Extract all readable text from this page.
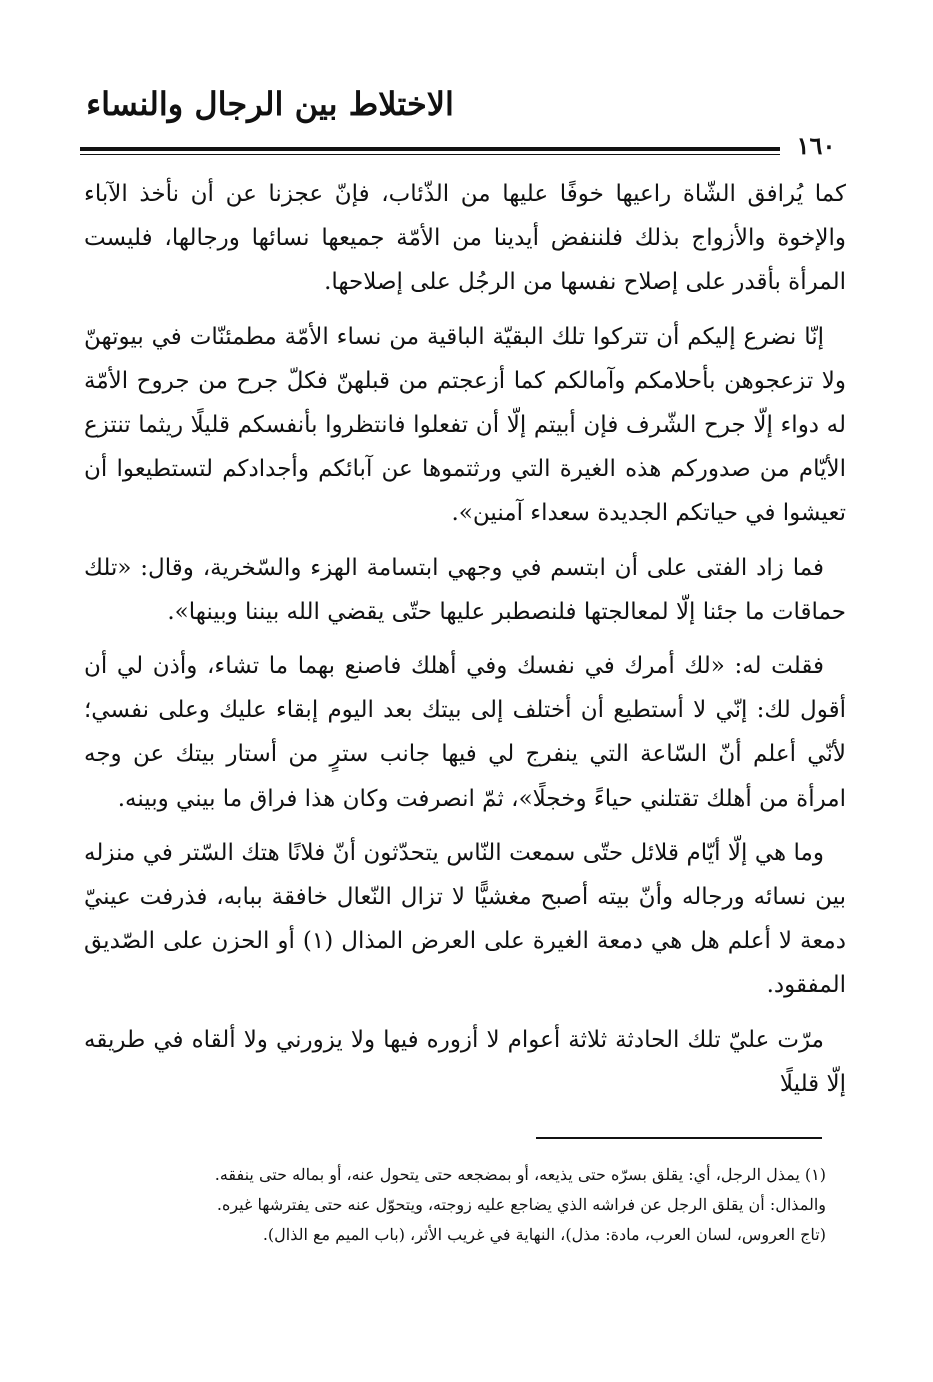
الاختلاط بين الرجال والنساء
١٦٠

كما يُرافق الشّاة راعيها خوفًا عليها من الذّئاب، فإنّ عجزنا عن أن نأخذ الآباء والإخوة والأزواج بذلك فلننفض أيدينا من الأمّة جميعها نسائها ورجالها، فليست المرأة بأقدر على إصلاح نفسها من الرجُل على إصلاحها.

إنّا نضرع إليكم أن تتركوا تلك البقيّة الباقية من نساء الأمّة مطمئنّات في بيوتهنّ ولا تزعجوهن بأحلامكم وآمالكم كما أزعجتم من قبلهنّ فكلّ جرح من جروح الأمّة له دواء إلّا جرح الشّرف فإن أبيتم إلّا أن تفعلوا فانتظروا بأنفسكم قليلًا ريثما تنتزع الأيّام من صدوركم هذه الغيرة التي ورثتموها عن آبائكم وأجدادكم لتستطيعوا أن تعيشوا في حياتكم الجديدة سعداء آمنين».

فما زاد الفتى على أن ابتسم في وجهي ابتسامة الهزء والسّخرية، وقال: «تلك حماقات ما جئنا إلّا لمعالجتها فلنصطبر عليها حتّى يقضي الله بيننا وبينها».

فقلت له: «لك أمرك في نفسك وفي أهلك فاصنع بهما ما تشاء، وأذن لي أن أقول لك: إنّي لا أستطيع أن أختلف إلى بيتك بعد اليوم إبقاء عليك وعلى نفسي؛ لأنّي أعلم أنّ السّاعة التي ينفرج لي فيها جانب سترٍ من أستار بيتك عن وجه امرأة من أهلك تقتلني حياءً وخجلًا»، ثمّ انصرفت وكان هذا فراق ما بيني وبينه.

وما هي إلّا أيّام قلائل حتّى سمعت النّاس يتحدّثون أنّ فلانًا هتك السّتر في منزله بين نسائه ورجاله وأنّ بيته أصبح مغشيًّا لا تزال النّعال خافقة ببابه، فذرفت عينيّ دمعة لا أعلم هل هي دمعة الغيرة على العرض المذال (١) أو الحزن على الصّديق المفقود.

مرّت عليّ تلك الحادثة ثلاثة أعوام لا أزوره فيها ولا يزورني ولا ألقاه في طريقه إلّا قليلًا

(١) يمذل الرجل، أي: يقلق بسرّه حتى يذيعه، أو بمضجعه حتى يتحول عنه، أو بماله حتى ينفقه.

والمذال: أن يقلق الرجل عن فراشه الذي يضاجع عليه زوجته، ويتحوّل عنه حتى يفترشها غيره.

(تاج العروس، لسان العرب، مادة: مذل)، النهاية في غريب الأثر، (باب الميم مع الذال).
